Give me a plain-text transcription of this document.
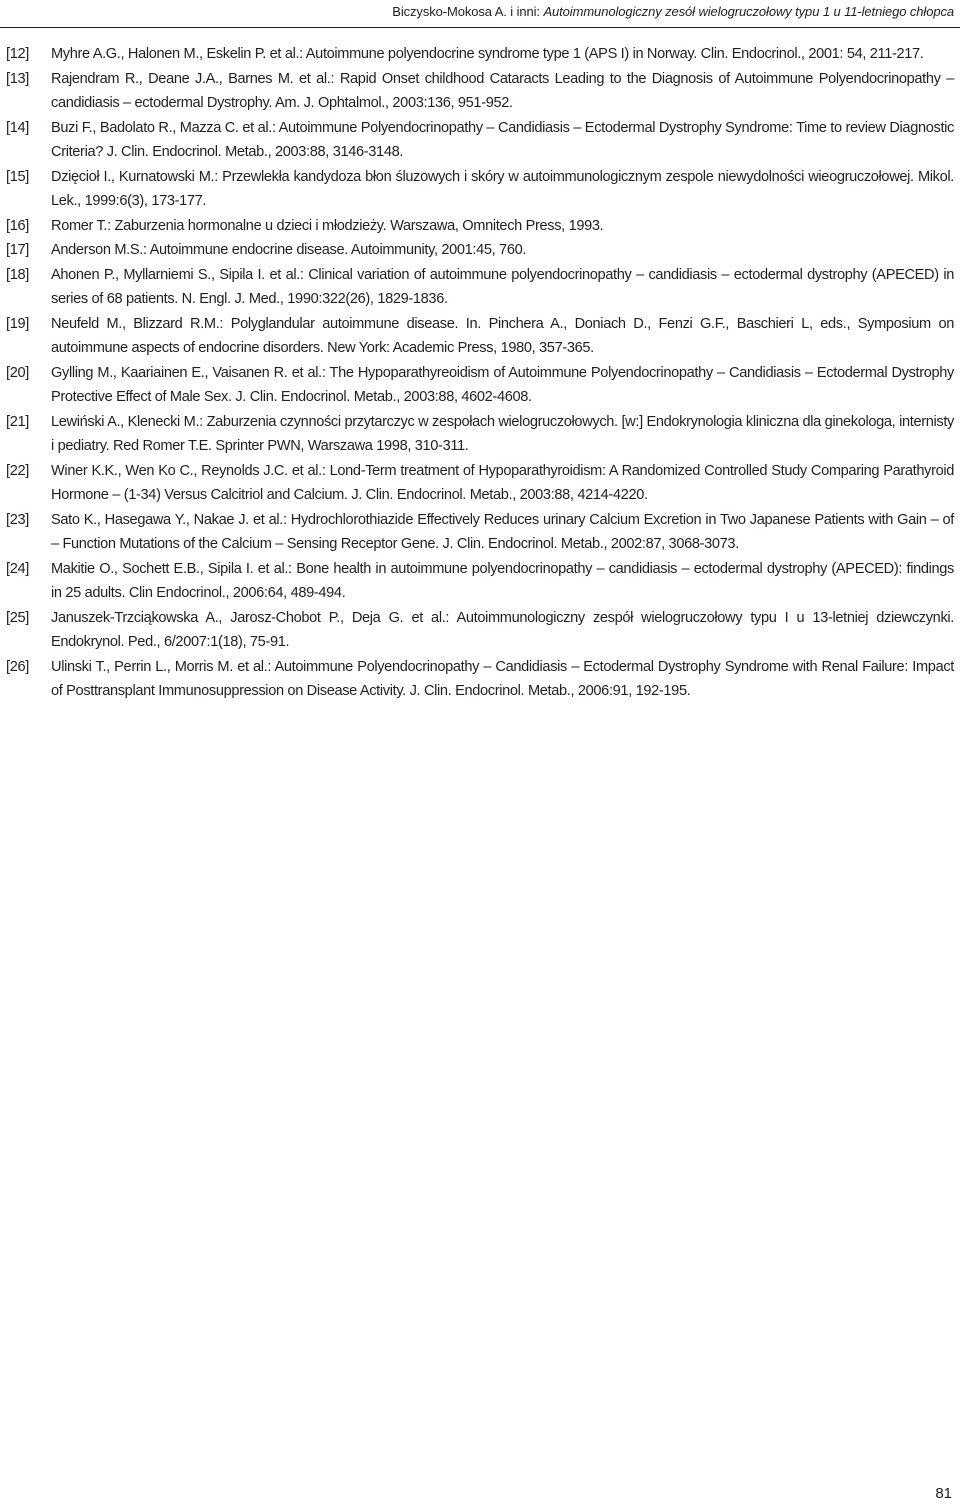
Biczysko-Mokosa A. i inni: Autoimmunologiczny zesół wielogruczołowy typu 1 u 11-letniego chłopca
[12]	Myhre A.G., Halonen M., Eskelin P. et al.: Autoimmune polyendocrine syndrome type 1 (APS I) in Norway. Clin. Endocrinol., 2001: 54, 211-217.
[13]	Rajendram R., Deane J.A., Barnes M. et al.: Rapid Onset childhood Cataracts Leading to the Diagnosis of Autoimmune Polyendocrinopathy – candidiasis – ectodermal Dystrophy. Am. J. Ophtalmol., 2003:136, 951-952.
[14]	Buzi F., Badolato R., Mazza C. et al.: Autoimmune Polyendocrinopathy – Candidiasis – Ectodermal Dystrophy Syndrome: Time to review Diagnostic Criteria? J. Clin. Endocrinol. Metab., 2003:88, 3146-3148.
[15]	Dzięcioł I., Kurnatowski M.: Przewlekła kandydoza błon śluzowych i skóry w autoimmunologicznym zespole niewydolności wieogruczołowej. Mikol. Lek., 1999:6(3), 173-177.
[16]	Romer T.: Zaburzenia hormonalne u dzieci i młodzieży. Warszawa, Omnitech Press, 1993.
[17]	Anderson M.S.: Autoimmune endocrine disease. Autoimmunity, 2001:45, 760.
[18]	Ahonen P., Myllarniemi S., Sipila I. et al.: Clinical variation of autoimmune polyendocrinopathy – candidiasis – ectodermal dystrophy (APECED) in series of 68 patients. N. Engl. J. Med., 1990:322(26), 1829-1836.
[19]	Neufeld M., Blizzard R.M.: Polyglandular autoimmune disease. In. Pinchera A., Doniach D., Fenzi G.F., Baschieri L, eds., Symposium on autoimmune aspects of endocrine disorders. New York: Academic Press, 1980, 357-365.
[20]	Gylling M., Kaariainen E., Vaisanen R. et al.: The Hypoparathyreoidism of Autoimmune Polyendocrinopathy – Candidiasis – Ectodermal Dystrophy Protective Effect of Male Sex. J. Clin. Endocrinol. Metab., 2003:88, 4602-4608.
[21]	Lewiński A., Klenecki M.: Zaburzenia czynności przytarczyc w zespołach wielogruczołowych. [w:] Endokrynologia kliniczna dla ginekologa, internisty i pediatry. Red Romer T.E. Sprinter PWN, Warszawa 1998, 310-311.
[22]	Winer K.K., Wen Ko C., Reynolds J.C. et al.: Lond-Term treatment of Hypoparathyroidism: A Randomized Controlled Study Comparing Parathyroid Hormone – (1-34) Versus Calcitriol and Calcium. J. Clin. Endocrinol. Metab., 2003:88, 4214-4220.
[23]	Sato K., Hasegawa Y., Nakae J. et al.: Hydrochlorothiazide Effectively Reduces urinary Calcium Excretion in Two Japanese Patients with Gain – of – Function Mutations of the Calcium – Sensing Receptor Gene. J. Clin. Endocrinol. Metab., 2002:87, 3068-3073.
[24]	Makitie O., Sochett E.B., Sipila I. et al.: Bone health in autoimmune polyendocrinopathy – candidiasis – ectodermal dystrophy (APECED): findings in 25 adults. Clin Endocrinol., 2006:64, 489-494.
[25]	Januszek-Trzciąkowska A., Jarosz-Chobot P., Deja G. et al.: Autoimmunologiczny zespół wielogruczołowy typu I u 13-letniej dziewczynki. Endokrynol. Ped., 6/2007:1(18), 75-91.
[26]	Ulinski T., Perrin L., Morris M. et al.: Autoimmune Polyendocrinopathy – Candidiasis – Ectodermal Dystrophy Syndrome with Renal Failure: Impact of Posttransplant Immunosuppression on Disease Activity. J. Clin. Endocrinol. Metab., 2006:91, 192-195.
81
